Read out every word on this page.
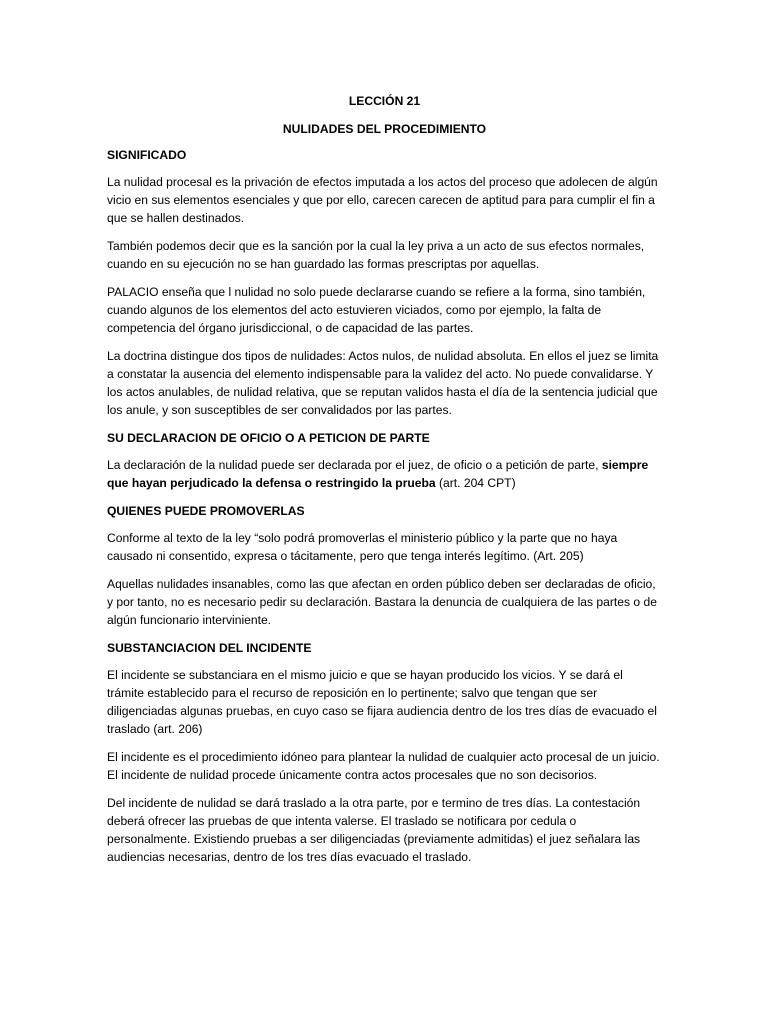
LECCIÓN 21

NULIDADES DEL PROCEDIMIENTO

SIGNIFICADO

La nulidad procesal es la privación de efectos imputada a los actos del proceso que adolecen de algún vicio en sus elementos esenciales y que por ello, carecen carecen de aptitud para para cumplir el fin a que se hallen destinados.

También podemos decir que es la sanción por la cual la ley priva a un acto de sus efectos normales, cuando en su ejecución no se han guardado las formas prescriptas por aquellas.

PALACIO enseña que l nulidad no solo puede declararse cuando se refiere a la forma, sino también, cuando algunos de los elementos del acto estuvieren viciados, como por ejemplo, la falta de competencia del órgano jurisdiccional, o de capacidad de las partes.

La doctrina distingue dos tipos de nulidades: Actos nulos, de nulidad absoluta. En ellos el juez se limita a constatar la ausencia del elemento indispensable para la validez del acto. No puede convalidarse. Y los actos anulables, de nulidad relativa, que se reputan validos hasta el día de la sentencia judicial que los anule, y son susceptibles de ser convalidados por las partes.

SU DECLARACION DE OFICIO O A PETICION DE PARTE

La declaración de la nulidad puede ser declarada por el juez, de oficio o a petición de parte, siempre que hayan perjudicado la defensa o restringido la prueba (art. 204 CPT)

QUIENES PUEDE PROMOVERLAS

Conforme al texto de la ley “solo podrá promoverlas el ministerio público y la parte que no haya causado ni consentido, expresa o tácitamente, pero que tenga interés legítimo. (Art. 205)

Aquellas nulidades insanables, como las que afectan en orden público deben ser declaradas de oficio, y por tanto, no es necesario pedir su declaración. Bastara la denuncia de cualquiera de las partes o de algún funcionario interviniente.

SUBSTANCIACION DEL INCIDENTE

El incidente se substanciara en el mismo juicio e que se hayan producido los vicios. Y se dará el trámite establecido para el recurso de reposición en lo pertinente; salvo que tengan que ser diligenciadas algunas pruebas, en cuyo caso se fijara audiencia dentro de los tres días de evacuado el traslado (art. 206)

El incidente es el procedimiento idóneo para plantear la nulidad de cualquier acto procesal de un juicio. El incidente de nulidad procede únicamente contra actos procesales que no son decisorios.

Del incidente de nulidad se dará traslado a la otra parte, por e termino de tres días. La contestación deberá ofrecer las pruebas de que intenta valerse. El traslado se notificara por cedula o personalmente. Existiendo pruebas a ser diligenciadas (previamente admitidas) el juez señalara las audiencias necesarias, dentro de los tres días evacuado el traslado.
